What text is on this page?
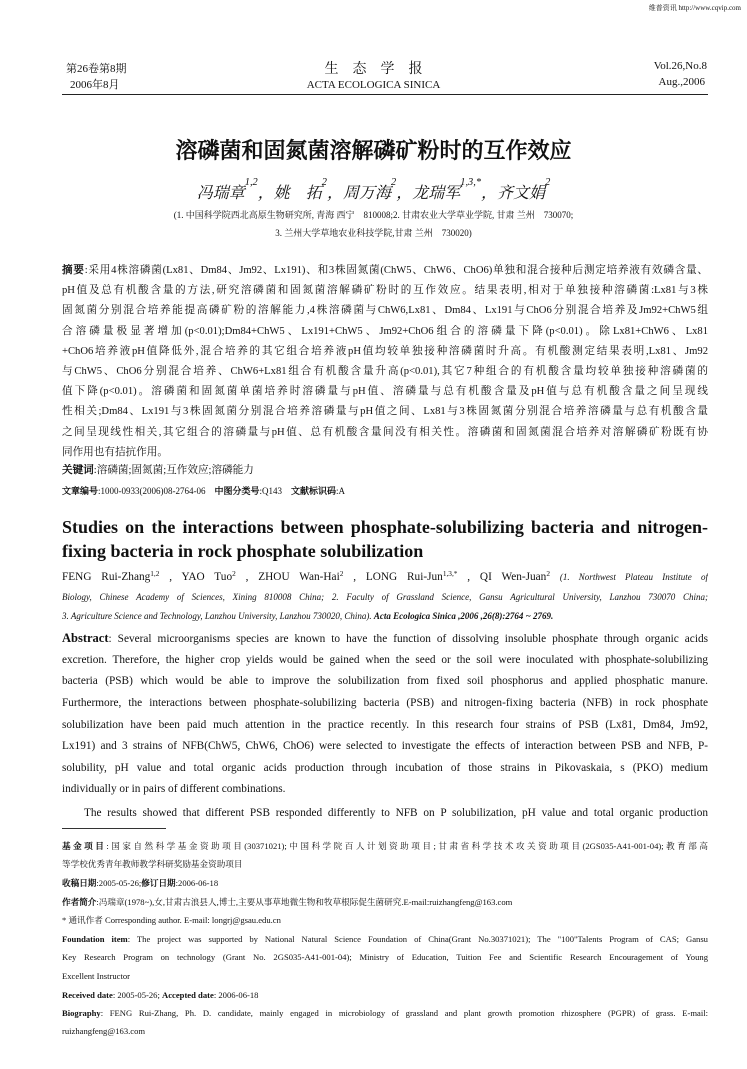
维普资讯 http://www.cqvip.com
第26卷第8期
2006年8月
生　态　学　报
ACTA ECOLOGICA SINICA
Vol.26,No.8
Aug.,2006
溶磷菌和固氮菌溶解磷矿粉时的互作效应
冯瑞章$^{1,2}$，姚　拓$^2$，周万海$^2$，龙瑞军$^{1,3,*}$，齐文娟$^2$
(1. 中国科学院西北高原生物研究所, 青海 西宁　810008;2. 甘肃农业大学草业学院, 甘肃 兰州　730070;
3. 兰州大学草地农业科技学院,甘肃 兰州　730020)
摘要:采用4株溶磷菌(Lx81、Dm84、Jm92、Lx191)、和3株固氮菌(ChW5、ChW6、ChO6)单独和混合接种后测定培养液有效磷含量、
pH值及总有机酸含量的方法,研究溶磷菌和固氮菌溶解磷矿粉时的互作效应。结果表明,相对于单独接种溶磷菌:Lx81与3株
固氮菌分别混合培养能提高磷矿粉的溶解能力,4株溶磷菌与ChW6,Lx81、Dm84、Lx191与ChO6分别混合培养及Jm92+ChW5组
合溶磷量极显著增加(p<0.01);Dm84+ChW5、Lx191+ChW5、Jm92+ChO6组合的溶磷量下降(p<0.01)。除Lx81+ChW6、Lx81
+ChO6培养液pH值降低外,混合培养的其它组合培养液pH值均较单独接种溶磷菌时升高。有机酸测定结果表明,Lx81、Jm92
与ChW5、ChO6分别混合培养、ChW6+Lx81组合有机酸含量升高(p<0.01),其它7种组合的有机酸含量均较单独接种溶磷菌的
值下降(p<0.01)。溶磷菌和固氮菌单菌培养时溶磷量与pH值、溶磷量与总有机酸含量及pH值与总有机酸含量之间呈现线
性相关;Dm84、Lx191与3株固氮菌分别混合培养溶磷量与pH值之间、Lx81与3株固氮菌分别混合培养溶磷量与总有机酸含量
之间呈现线性相关,其它组合的溶磷量与pH值、总有机酸含量间没有相关性。溶磷菌和固氮菌混合培养对溶解磷矿粉既有协
同作用也有拮抗作用。
关键词:溶磷菌;固氮菌;互作效应;溶磷能力
文章编号:1000-0933(2006)08-2764-06 中图分类号:Q143 文献标识码:A
Studies on the interactions between phosphate-solubilizing bacteria and nitrogen-
fixing bacteria in rock phosphate solubilization
FENG Rui-Zhang$^{1,2}$ , YAO Tuo$^2$ , ZHOU Wan-Hai$^2$ , LONG Rui-Jun$^{1,3,*}$ , QI Wen-Juan$^2$ (1. Northwest Plateau Institute of
Biology, Chinese Academy of Sciences, Xining 810008 China; 2. Faculty of Grassland Science, Gansu Agricultural University, Lanzhou 730070 China;
3. Agriculture Science and Technology, Lanzhou University, Lanzhou 730020, China). Acta Ecologica Sinica ,2006 ,26(8):2764 ~ 2769.
Abstract: Several microorganisms species are known to have the function of dissolving insoluble phosphate through organic acids
excretion. Therefore, the higher crop yields would be gained when the seed or the soil were inoculated with phosphate-solubilizing
bacteria (PSB) which would be able to improve the solubilization from fixed soil phosphorus and applied phosphatic manure.
Furthermore, the interactions between phosphate-solubilizing bacteria (PSB) and nitrogen-fixing bacteria (NFB) in rock phosphate
solubilization have been paid much attention in the practice recently. In this research four strains of PSB (Lx81, Dm84, Jm92,
Lx191) and 3 strains of NFB(ChW5, ChW6, ChO6) were selected to investigate the effects of interaction between PSB and NFB, P-
solubility, pH value and total organic acids production through incubation of those strains in Pikovaskaia, s (PKO) medium
individually or in pairs of different combinations.
The results showed that different PSB responded differently to NFB on P solubilization, pH value and total organic production
基金项目:国家自然科学基金资助项目(30371021);中国科学院百人计划资助项目;甘肃省科学技术攻关资助项目(2GS035-A41-001-04);教育部高
等学校优秀青年教师教学科研奖励基金资助项目
收稿日期:2005-05-26;修订日期:2006-06-18
作者简介:冯瑞章(1978~),女,甘肃古浪县人,博士,主要从事草地微生物和牧草根际促生菌研究.E-mail:ruizhangfeng@163.com
* 通讯作者 Corresponding author. E-mail: longrj@gsau.edu.cn
Foundation item: The project was supported by National Natural Science Foundation of China(Grant No.30371021); The "100"Talents Program of CAS; Gansu
Key Research Program on technology (Grant No. 2GS035-A41-001-04); Ministry of Education, Tuition Fee and Scientific Research Encouragement of Young
Excellent Instructor
Received date: 2005-05-26; Accepted date: 2006-06-18
Biography: FENG Rui-Zhang, Ph. D. candidate, mainly engaged in microbiology of grassland and plant growth promotion rhizosphere (PGPR) of grass. E-mail:
ruizhangfeng@163.com
